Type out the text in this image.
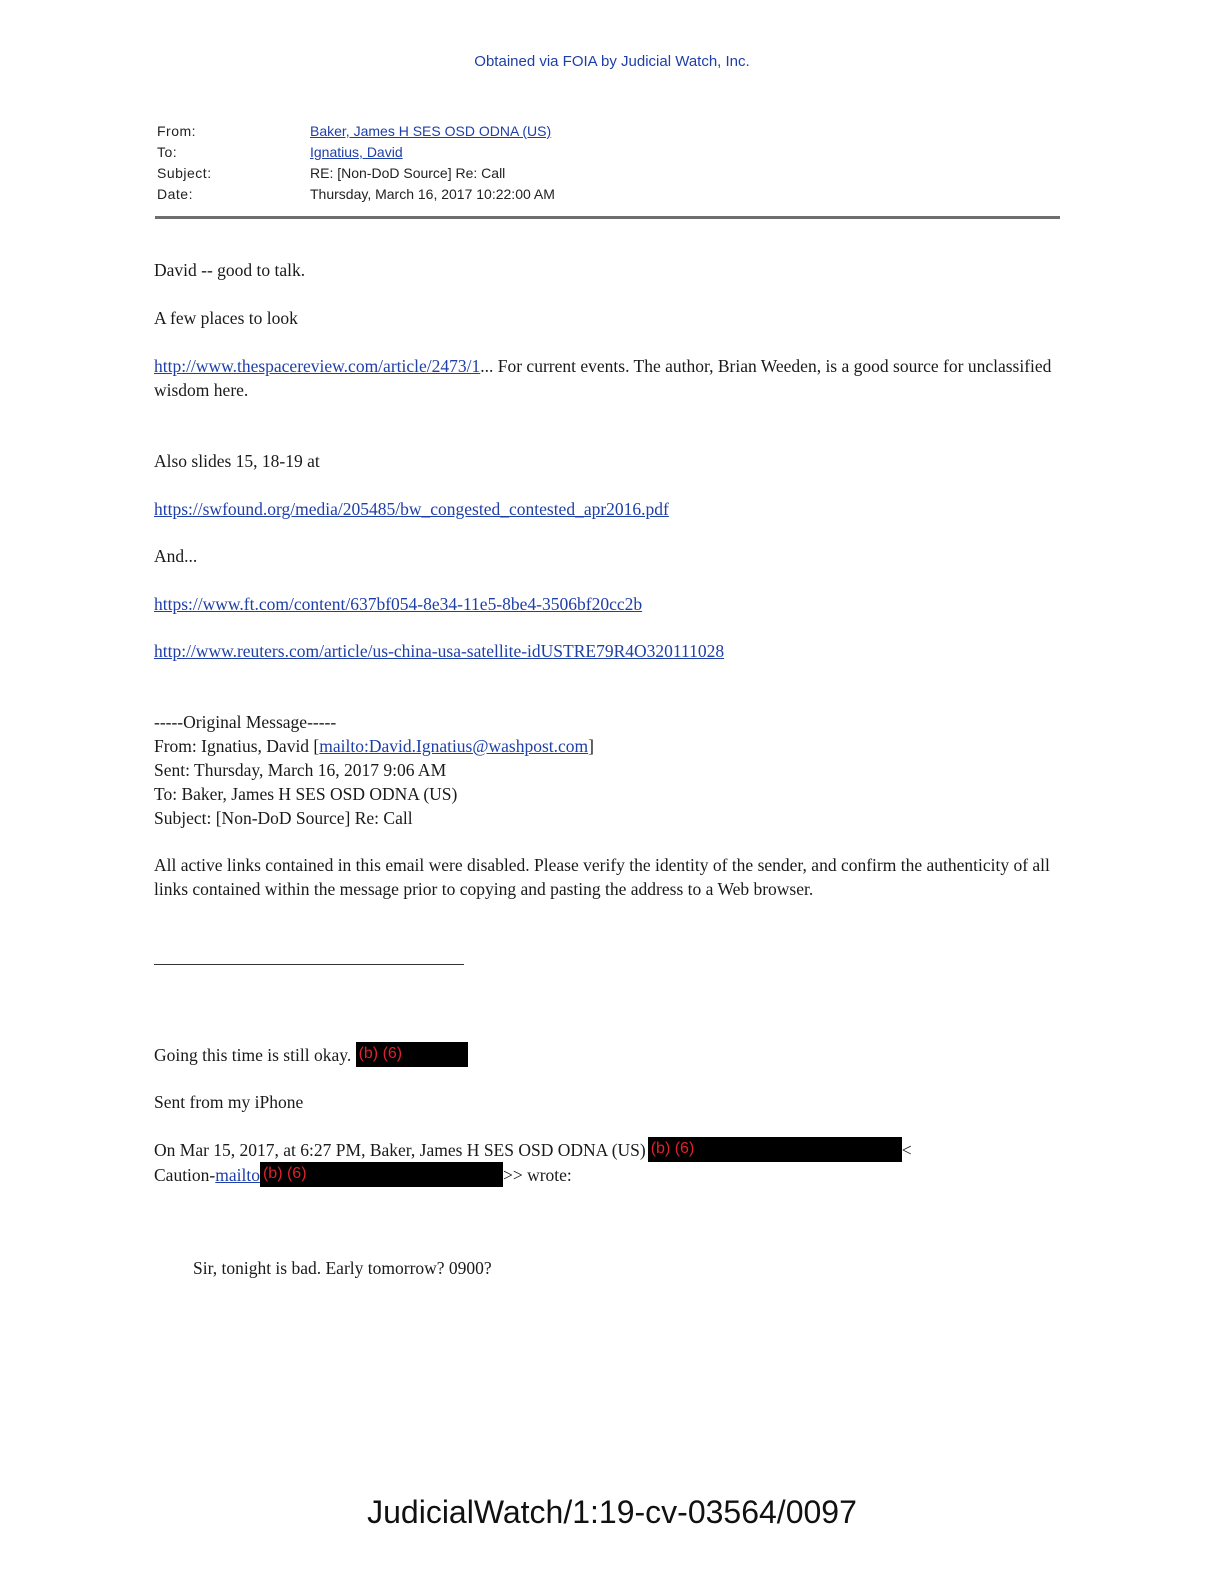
Obtained via FOIA by Judicial Watch, Inc.
From:	Baker, James H SES OSD ODNA (US)
To:	Ignatius, David
Subject:	RE: [Non-DoD Source] Re: Call
Date:	Thursday, March 16, 2017 10:22:00 AM
David -- good to talk.
A few places to look
http://www.thespacereview.com/article/2473/1... For current events. The author, Brian Weeden, is a good source for unclassified wisdom here.
Also slides 15, 18-19 at
https://swfound.org/media/205485/bw_congested_contested_apr2016.pdf
And...
https://www.ft.com/content/637bf054-8e34-11e5-8be4-3506bf20cc2b
http://www.reuters.com/article/us-china-usa-satellite-idUSTRE79R4O320111028
-----Original Message-----
From: Ignatius, David [mailto:David.Ignatius@washpost.com]
Sent: Thursday, March 16, 2017 9:06 AM
To: Baker, James H SES OSD ODNA (US)
Subject: [Non-DoD Source] Re: Call
All active links contained in this email were disabled. Please verify the identity of the sender, and confirm the authenticity of all links contained within the message prior to copying and pasting the address to a Web browser.
Going this time is still okay. (b) (6)
Sent from my iPhone
On Mar 15, 2017, at 6:27 PM, Baker, James H SES OSD ODNA (US) (b) (6)	<
Caution-mailto (b) (6)	>> wrote:
Sir, tonight is bad. Early tomorrow? 0900?
JudicialWatch/1:19-cv-03564/0097
